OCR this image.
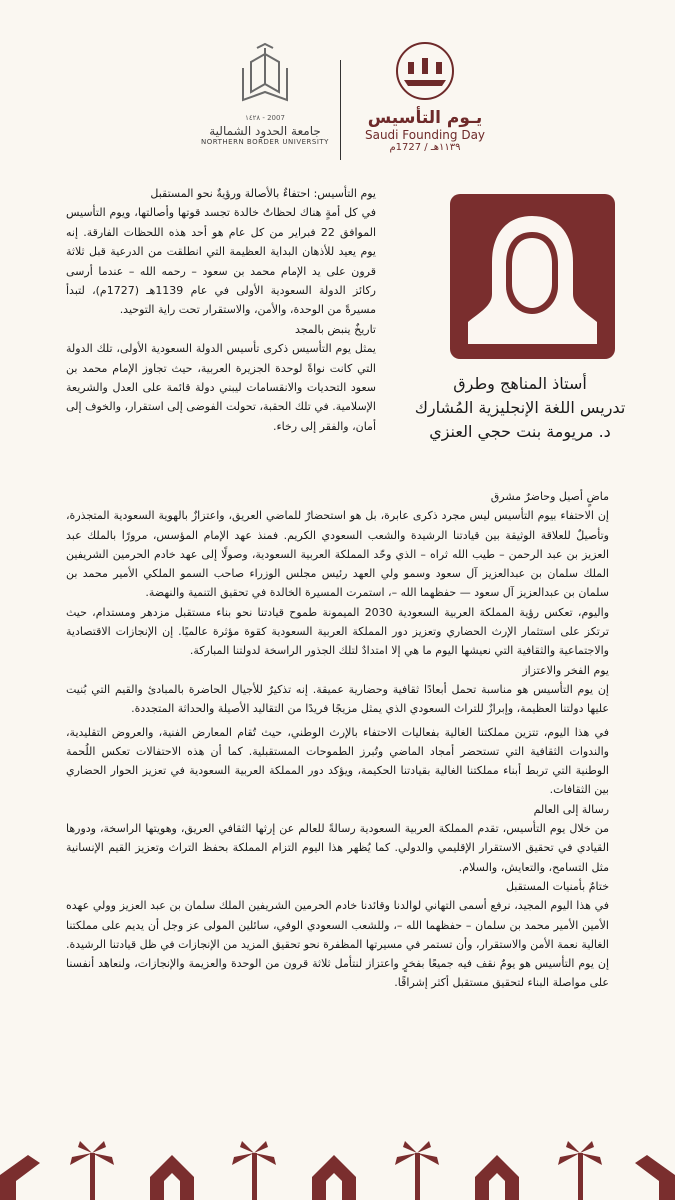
١٤٢٨ - 2007
جامعة الحدود الشمالية
NORTHERN BORDER UNIVERSITY
يـوم التأسيس
Saudi Founding Day
١١٣٩هـ / 1727م
أستاذ المناهج وطرق
تدريس اللغة الإنجليزية المُشارك
د. مريومة بنت حجي العنزي

يوم التأسيس: احتفاءٌ بالأصالة ورؤيةٌ نحو المستقبل

في كل أمةٍ هناك لحظاتٌ خالدة تجسد قوتها وأصالتها، ويوم التأسيس الموافق 22 فبراير من كل عام هو أحد هذه اللحظات الفارقة. إنه يوم يعيد للأذهان البداية العظيمة التي انطلقت من الدرعية قبل ثلاثة قرون على يد الإمام محمد بن سعود – رحمه الله – عندما أرسى ركائز الدولة السعودية الأولى في عام 1139هـ (1727م)، لتبدأ مسيرةً من الوحدة، والأمن، والاستقرار تحت راية التوحيد.

تاريخٌ ينبض بالمجد

يمثل يوم التأسيس ذكرى تأسيس الدولة السعودية الأولى، تلك الدولة التي كانت نواةً لوحدة الجزيرة العربية، حيث تجاوز الإمام محمد بن سعود التحديات والانقسامات ليبني دولة قائمة على العدل والشريعة الإسلامية. في تلك الحقبة، تحولت الفوضى إلى استقرار، والخوف إلى أمان، والفقر إلى رخاء.

ماضٍ أصيل وحاضرٌ مشرق

إن الاحتفاء بيوم التأسيس ليس مجرد ذكرى عابرة، بل هو استحضارٌ للماضي العريق، واعتزازٌ بالهوية السعودية المتجذرة، وتأصيلٌ للعلاقة الوثيقة بين قيادتنا الرشيدة والشعب السعودي الكريم. فمنذ عهد الإمام المؤسس، مرورًا بالملك عبد العزيز بن عبد الرحمن – طيب الله ثراه – الذي وحّد المملكة العربية السعودية، وصولًا إلى عهد خادم الحرمين الشريفين الملك سلمان بن عبدالعزيز آل سعود وسمو ولي العهد رئيس مجلس الوزراء صاحب السمو الملكي الأمير محمد بن سلمان بن عبدالعزيز آل سعود — حفظهما الله –، استمرت المسيرة الخالدة في تحقيق التنمية والنهضة.

واليوم، تعكس رؤية المملكة العربية السعودية 2030 الميمونة طموح قيادتنا نحو بناء مستقبل مزدهر ومستدام، حيث ترتكز على استثمار الإرث الحضاري وتعزيز دور المملكة العربية السعودية كقوة مؤثرة عالميًا. إن الإنجازات الاقتصادية والاجتماعية والثقافية التي نعيشها اليوم ما هي إلا امتدادٌ لتلك الجذور الراسخة لدولتنا المباركة.

يوم الفخر والاعتزاز

إن يوم التأسيس هو مناسبة تحمل أبعادًا ثقافية وحضارية عميقة. إنه تذكيرٌ للأجيال الحاضرة بالمبادئ والقيم التي بُنيت عليها دولتنا العظيمة، وإبرازٌ للتراث السعودي الذي يمثل مزيجًا فريدًا من التقاليد الأصيلة والحداثة المتجددة.

في هذا اليوم، تتزين مملكتنا الغالية بفعاليات الاحتفاء بالإرث الوطني، حيث تُقام المعارض الفنية، والعروض التقليدية، والندوات الثقافية التي تستحضر أمجاد الماضي وتُبرز الطموحات المستقبلية. كما أن هذه الاحتفالات تعكس اللُحمة الوطنية التي تربط أبناء مملكتنا الغالية بقيادتنا الحكيمة، ويؤكد دور المملكة العربية السعودية في تعزيز الحوار الحضاري بين الثقافات.

رسالة إلى العالم

من خلال يوم التأسيس، تقدم المملكة العربية السعودية رسالةً للعالم عن إرثها الثقافي العريق، وهويتها الراسخة، ودورها القيادي في تحقيق الاستقرار الإقليمي والدولي. كما يُظهر هذا اليوم التزام المملكة بحفظ التراث وتعزيز القيم الإنسانية مثل التسامح، والتعايش، والسلام.

ختامٌ بأمنيات المستقبل

في هذا اليوم المجيد، نرفع أسمى التهاني لوالدنا وقائدنا خادم الحرمين الشريفين الملك سلمان بن عبد العزيز وولي عهده الأمين الأمير محمد بن سلمان – حفظهما الله –، وللشعب السعودي الوفي، سائلين المولى عز وجل أن يديم على مملكتنا الغالية نعمة الأمن والاستقرار، وأن تستمر في مسيرتها المظفرة نحو تحقيق المزيد من الإنجازات في ظل قيادتنا الرشيدة.

إن يوم التأسيس هو يومٌ نقف فيه جميعًا بفخرٍ واعتزاز لنتأمل ثلاثة قرون من الوحدة والعزيمة والإنجازات، ولنعاهد أنفسنا على مواصلة البناء لتحقيق مستقبل أكثر إشراقًا.
